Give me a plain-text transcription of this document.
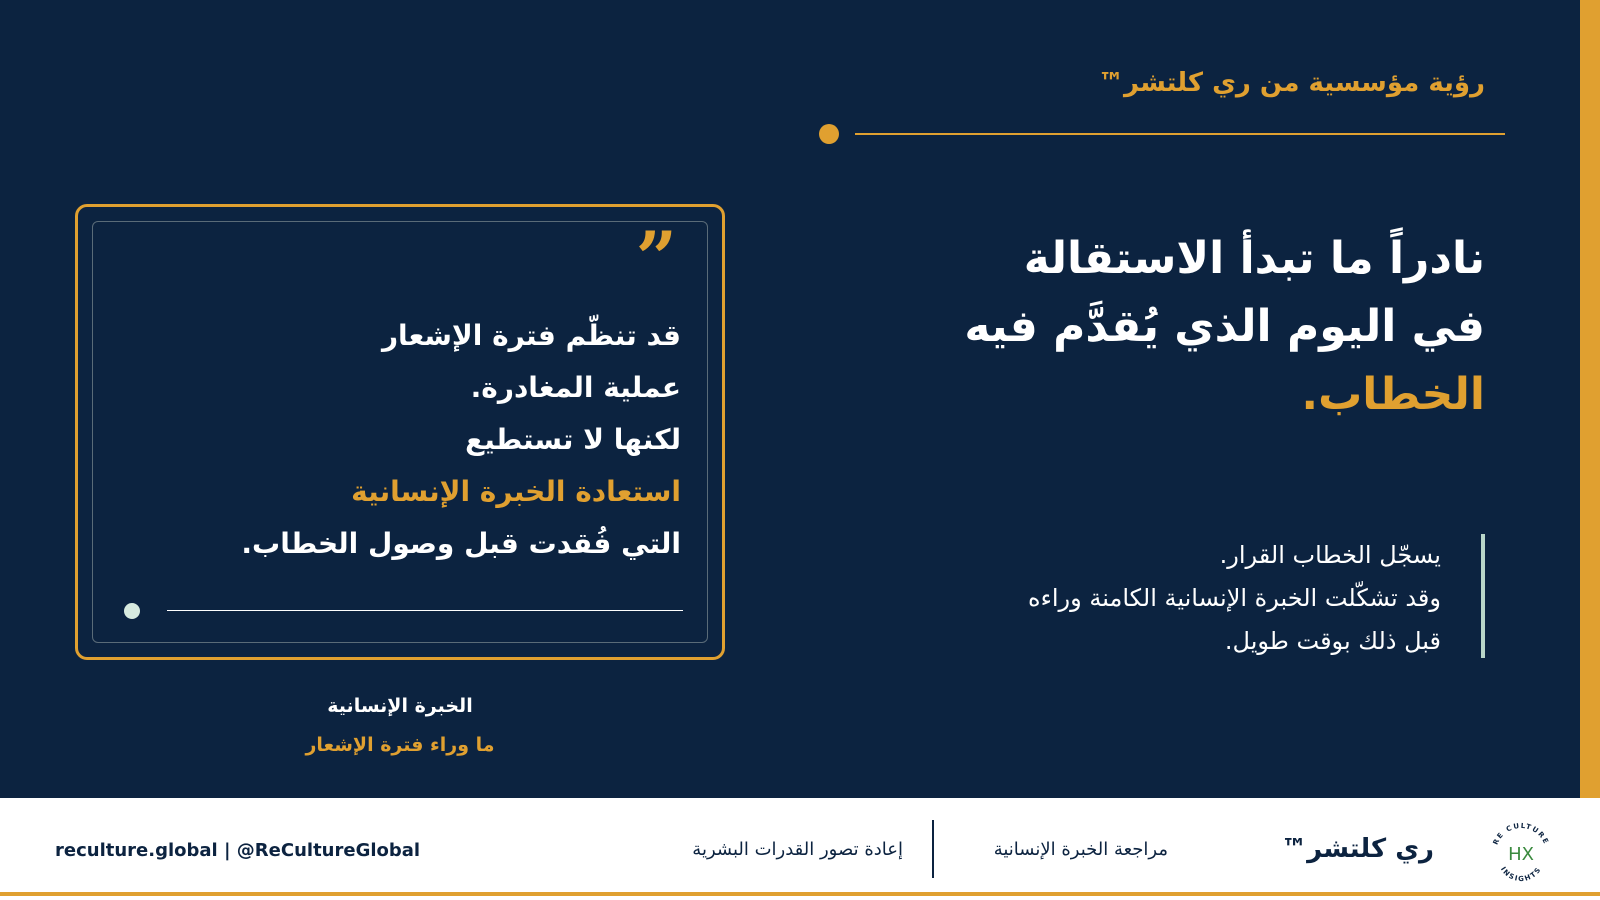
رؤية مؤسسية من ري كلتشر™
نادراً ما تبدأ الاستقالة
في اليوم الذي يُقدَّم فيه
الخطاب.
يسجّل الخطاب القرار.
وقد تشكّلت الخبرة الإنسانية الكامنة وراءه
قبل ذلك بوقت طويل.
”
قد تنظّم فترة الإشعار
عملية المغادرة.
لكنها لا تستطيع
استعادة الخبرة الإنسانية
التي فُقدت قبل وصول الخطاب.
الخبرة الإنسانية
ما وراء فترة الإشعار
reculture.global | @ReCultureGlobal	إعادة تصور القدرات البشرية	مراجعة الخبرة الإنسانية	ري كلتشر™	RE CULTURE
INSIGHTS
HX
